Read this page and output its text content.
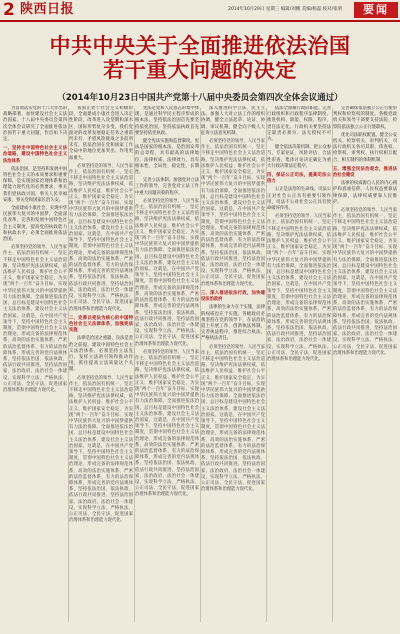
2 陕西日报	2014年10月29日 星期三 编辑/刘鹏 美编/杨磊 校对/张明	要闻
中共中央关于全面推进依法治国
若干重大问题的决定
（2014年10月23日中国共产党第十八届中央委员会第四次全体会议通过）

为贯彻落实党的十八大作出的战略部署，加快建设社会主义法治国家，十八届中央委员会第四次全体会议研究了全面推进依法治国若干重大问题，作出如下决定。

一、坚持走中国特色社会主义法治道路，建设中国特色社会主义法治体系

依法治国，是坚持和发展中国特色社会主义的本质要求和重要保障，是实现国家治理体系和治理能力现代化的必然要求，事关我们党执政兴国，事关人民幸福安康，事关党和国家长治久安。

全面建成小康社会、实现中华民族伟大复兴的中国梦，全面深化改革、完善和发展中国特色社会主义制度，提高党的执政能力和执政水平，必须全面推进依法治国。

必须坚持党的领导、人民当家作主、依法治国有机统一，坚定不移走中国特色社会主义法治道路，坚决维护宪法法律权威，依法维护人民权益、维护社会公平正义、维护国家安全稳定，为实现“两个一百年”奋斗目标、实现中华民族伟大复兴的中国梦提供有力法治保障。全面推进依法治国，总目标是建设中国特色社会主义法治体系，建设社会主义法治国家。这就是，在中国共产党领导下，坚持中国特色社会主义制度，贯彻中国特色社会主义法治理论，形成完备的法律规范体系、高效的法治实施体系、严密的法治监督体系、有力的法治保障体系，形成完善的党内法规体系，坚持依法治国、依法执政、依法行政共同推进，坚持法治国家、法治政府、法治社会一体建设，实现科学立法、严格执法、公正司法、全民守法，促进国家治理体系和治理能力现代化。

我国正处于社会主义初级阶段，全面建成小康社会进入决定性阶段，改革进入攻坚期和深水区，国际形势复杂多变，我们党面对的改革发展稳定任务之重前所未有、矛盾风险挑战之多前所未有，依法治国在党和国家工作全局中的地位更加突出、作用更加重大。

必须坚持党的领导、人民当家作主、依法治国有机统一，坚定不移走中国特色社会主义法治道路，坚决维护宪法法律权威，依法维护人民权益、维护社会公平正义、维护国家安全稳定，为实现“两个一百年”奋斗目标、实现中华民族伟大复兴的中国梦提供有力法治保障。全面推进依法治国，总目标是建设中国特色社会主义法治体系，建设社会主义法治国家。这就是，在中国共产党领导下，坚持中国特色社会主义制度，贯彻中国特色社会主义法治理论，形成完备的法律规范体系、高效的法治实施体系、严密的法治监督体系、有力的法治保障体系，形成完善的党内法规体系，坚持依法治国、依法执政、依法行政共同推进，坚持法治国家、法治政府、法治社会一体建设，实现科学立法、严格执法、公正司法、全民守法，促进国家治理体系和治理能力现代化。

二、完善以宪法为核心的中国特色社会主义法律体系，加强宪法实施

法律是治国之重器，良法是善治之前提。建设中国特色社会主义法治体系，必须坚持立法先行，发挥立法的引领和推动作用，抓住提高立法质量这个关键。

必须坚持党的领导、人民当家作主、依法治国有机统一，坚定不移走中国特色社会主义法治道路，坚决维护宪法法律权威，依法维护人民权益、维护社会公平正义、维护国家安全稳定，为实现“两个一百年”奋斗目标、实现中华民族伟大复兴的中国梦提供有力法治保障。全面推进依法治国，总目标是建设中国特色社会主义法治体系，建设社会主义法治国家。这就是，在中国共产党领导下，坚持中国特色社会主义制度，贯彻中国特色社会主义法治理论，形成完备的法律规范体系、高效的法治实施体系、严密的法治监督体系、有力的法治保障体系，形成完善的党内法规体系，坚持依法治国、依法执政、依法行政共同推进，坚持法治国家、法治政府、法治社会一体建设，实现科学立法、严格执法、公正司法、全民守法，促进国家治理体系和治理能力现代化。

宪法是党和人民意志的集中体现，是通过科学民主程序形成的根本法。坚持依法治国首先要坚持依宪治国，坚持依法执政首先要坚持依宪执政。

健全宪法实施和监督制度。宪法是国家的根本法，是治国安邦的总章程，具有最高的法律地位、法律权威、法律效力，具有根本性、全局性、稳定性、长期性。

完善立法体制。加强党对立法工作的领导，完善党对立法工作中重大问题决策的程序。

必须坚持党的领导、人民当家作主、依法治国有机统一，坚定不移走中国特色社会主义法治道路，坚决维护宪法法律权威，依法维护人民权益、维护社会公平正义、维护国家安全稳定，为实现“两个一百年”奋斗目标、实现中华民族伟大复兴的中国梦提供有力法治保障。全面推进依法治国，总目标是建设中国特色社会主义法治体系，建设社会主义法治国家。这就是，在中国共产党领导下，坚持中国特色社会主义制度，贯彻中国特色社会主义法治理论，形成完备的法律规范体系、高效的法治实施体系、严密的法治监督体系、有力的法治保障体系，形成完善的党内法规体系，坚持依法治国、依法执政、依法行政共同推进，坚持法治国家、法治政府、法治社会一体建设，实现科学立法、严格执法、公正司法、全民守法，促进国家治理体系和治理能力现代化。

必须坚持党的领导、人民当家作主、依法治国有机统一，坚定不移走中国特色社会主义法治道路，坚决维护宪法法律权威，依法维护人民权益、维护社会公平正义、维护国家安全稳定，为实现“两个一百年”奋斗目标、实现中华民族伟大复兴的中国梦提供有力法治保障。全面推进依法治国，总目标是建设中国特色社会主义法治体系，建设社会主义法治国家。这就是，在中国共产党领导下，坚持中国特色社会主义制度，贯彻中国特色社会主义法治理论，形成完备的法律规范体系、高效的法治实施体系、严密的法治监督体系、有力的法治保障体系，形成完善的党内法规体系，坚持依法治国、依法执政、依法行政共同推进，坚持法治国家、法治政府、法治社会一体建设，实现科学立法、严格执法、公正司法、全民守法，促进国家治理体系和治理能力现代化。

深入推进科学立法、民主立法。加强人大对立法工作的组织协调，健全立法起草、论证、协调、审议机制，健全向下级人大征询立法意见机制。

必须坚持党的领导、人民当家作主、依法治国有机统一，坚定不移走中国特色社会主义法治道路，坚决维护宪法法律权威，依法维护人民权益、维护社会公平正义、维护国家安全稳定，为实现“两个一百年”奋斗目标、实现中华民族伟大复兴的中国梦提供有力法治保障。全面推进依法治国，总目标是建设中国特色社会主义法治体系，建设社会主义法治国家。这就是，在中国共产党领导下，坚持中国特色社会主义制度，贯彻中国特色社会主义法治理论，形成完备的法律规范体系、高效的法治实施体系、严密的法治监督体系、有力的法治保障体系，形成完善的党内法规体系，坚持依法治国、依法执政、依法行政共同推进，坚持法治国家、法治政府、法治社会一体建设，实现科学立法、严格执法、公正司法、全民守法，促进国家治理体系和治理能力现代化。

三、深入推进依法行政，加快建设法治政府

法律的生命力在于实施，法律的权威也在于实施。各级政府必须坚持在党的领导下、在法治轨道上开展工作，创新执法体制，完善执法程序，推进综合执法，严格执法责任。

必须坚持党的领导、人民当家作主、依法治国有机统一，坚定不移走中国特色社会主义法治道路，坚决维护宪法法律权威，依法维护人民权益、维护社会公平正义、维护国家安全稳定，为实现“两个一百年”奋斗目标、实现中华民族伟大复兴的中国梦提供有力法治保障。全面推进依法治国，总目标是建设中国特色社会主义法治体系，建设社会主义法治国家。这就是，在中国共产党领导下，坚持中国特色社会主义制度，贯彻中国特色社会主义法治理论，形成完备的法律规范体系、高效的法治实施体系、严密的法治监督体系、有力的法治保障体系，形成完善的党内法规体系，坚持依法治国、依法执政、依法行政共同推进，坚持法治国家、法治政府、法治社会一体建设，实现科学立法、严格执法、公正司法、全民守法，促进国家治理体系和治理能力现代化。

依法全面履行政府职能。完善行政组织和行政程序法律制度，推进机构、职能、权限、程序、责任法定化。行政机关要坚持法定职责必须为、法无授权不可为。

健全依法决策机制。把公众参与、专家论证、风险评估、合法性审查、集体讨论决定确定为重大行政决策法定程序。

四、保证公正司法，提高司法公信力

公正是法治的生命线。司法公正对社会公正具有重要引领作用，司法不公对社会公正具有致命破坏作用。

必须坚持党的领导、人民当家作主、依法治国有机统一，坚定不移走中国特色社会主义法治道路，坚决维护宪法法律权威，依法维护人民权益、维护社会公平正义、维护国家安全稳定，为实现“两个一百年”奋斗目标、实现中华民族伟大复兴的中国梦提供有力法治保障。全面推进依法治国，总目标是建设中国特色社会主义法治体系，建设社会主义法治国家。这就是，在中国共产党领导下，坚持中国特色社会主义制度，贯彻中国特色社会主义法治理论，形成完备的法律规范体系、高效的法治实施体系、严密的法治监督体系、有力的法治保障体系，形成完善的党内法规体系，坚持依法治国、依法执政、依法行政共同推进，坚持法治国家、法治政府、法治社会一体建设，实现科学立法、严格执法、公正司法、全民守法，促进国家治理体系和治理能力现代化。

完善确保依法独立公正行使审判权和检察权的制度。各级党政机关和领导干部要支持法院、检察院依法独立公正行使职权。

优化司法职权配置。健全公安机关、检察机关、审判机关、司法行政机关各司其职，侦查权、检察权、审判权、执行权相互配合、相互制约的体制机制。

五、增强全民法治观念，推进法治社会建设

法律的权威源自人民的内心拥护和真诚信仰。人民权益要靠法律保障，法律权威要靠人民维护。

必须坚持党的领导、人民当家作主、依法治国有机统一，坚定不移走中国特色社会主义法治道路，坚决维护宪法法律权威，依法维护人民权益、维护社会公平正义、维护国家安全稳定，为实现“两个一百年”奋斗目标、实现中华民族伟大复兴的中国梦提供有力法治保障。全面推进依法治国，总目标是建设中国特色社会主义法治体系，建设社会主义法治国家。这就是，在中国共产党领导下，坚持中国特色社会主义制度，贯彻中国特色社会主义法治理论，形成完备的法律规范体系、高效的法治实施体系、严密的法治监督体系、有力的法治保障体系，形成完善的党内法规体系，坚持依法治国、依法执政、依法行政共同推进，坚持法治国家、法治政府、法治社会一体建设，实现科学立法、严格执法、公正司法、全民守法，促进国家治理体系和治理能力现代化。
